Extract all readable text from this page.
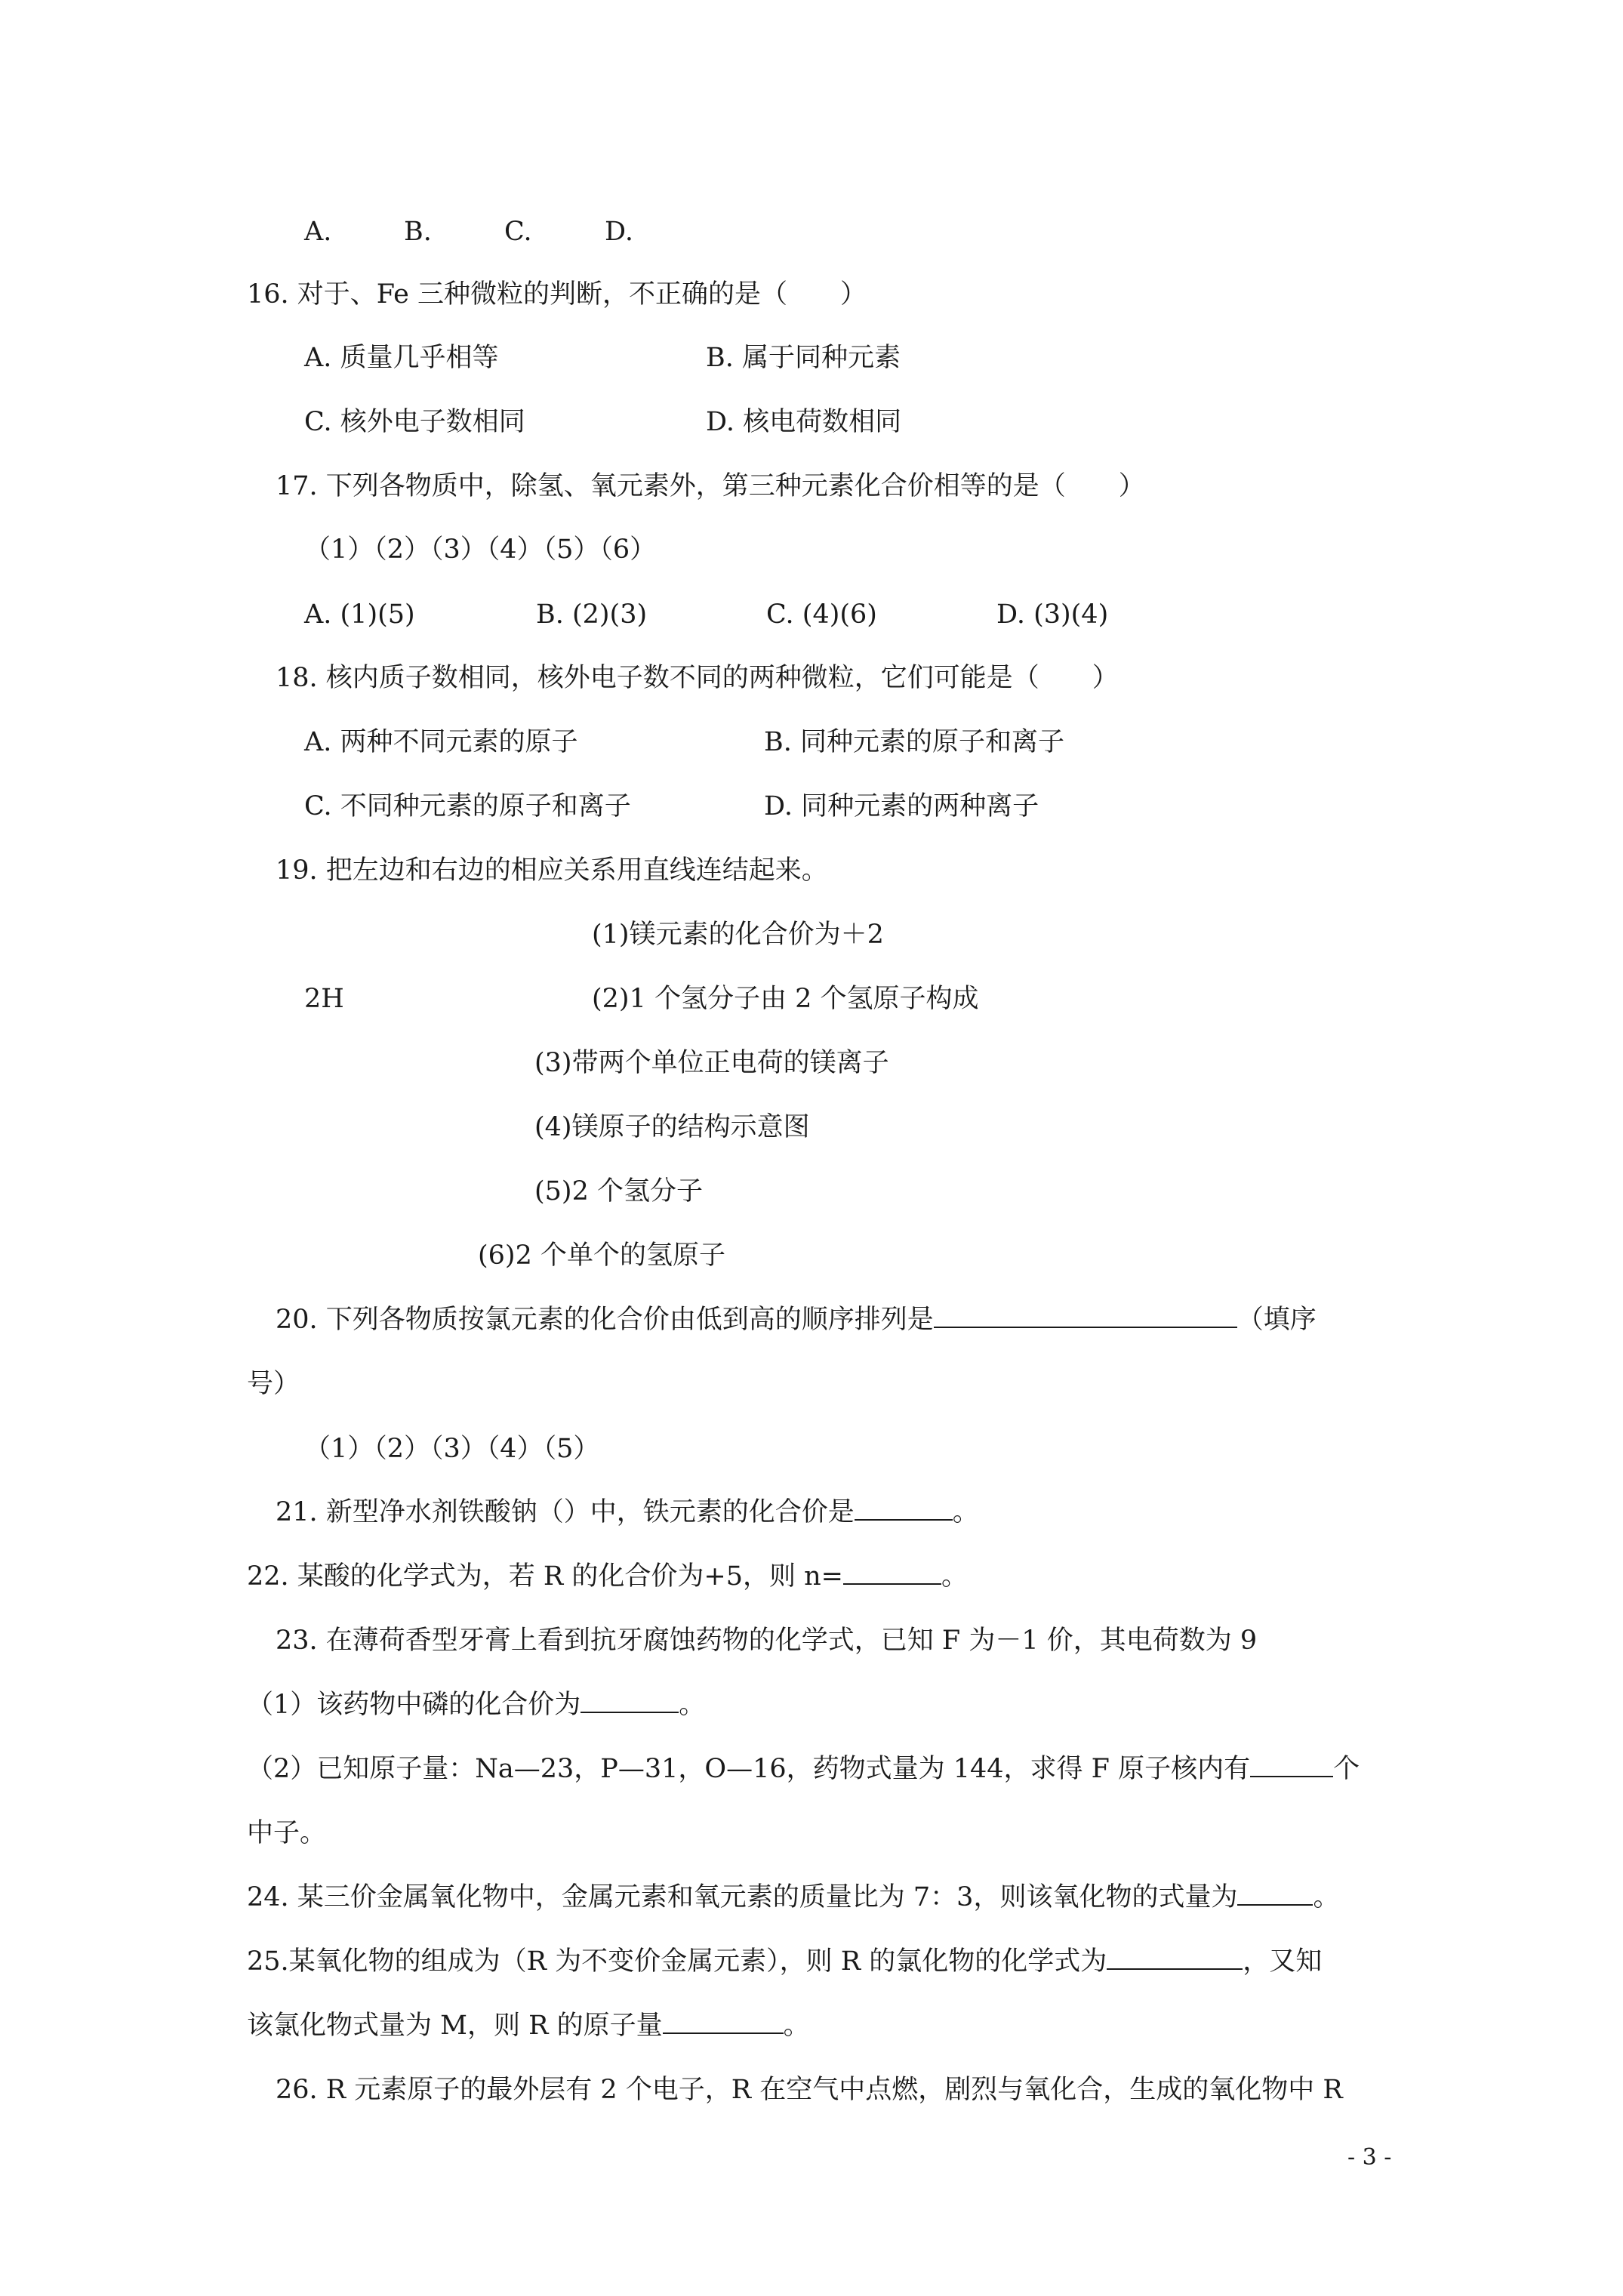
A.	B.	C.	D.
16. 对于、Fe 三种微粒的判断，不正确的是（　　）
A. 质量几乎相等	B. 属于同种元素
C. 核外电子数相同	D. 核电荷数相同
17. 下列各物质中，除氢、氧元素外，第三种元素化合价相等的是（　　）
（1）（2）（3）（4）（5）（6）
A. (1)(5)	B. (2)(3)	C. (4)(6)	D. (3)(4)
18. 核内质子数相同，核外电子数不同的两种微粒，它们可能是（　　）
A. 两种不同元素的原子	B. 同种元素的原子和离子
C. 不同种元素的原子和离子	D. 同种元素的两种离子
19. 把左边和右边的相应关系用直线连结起来。
(1)镁元素的化合价为＋2
2H	(2)1 个氢分子由 2 个氢原子构成
(3)带两个单位正电荷的镁离子
(4)镁原子的结构示意图
(5)2 个氢分子
(6)2 个单个的氢原子
20. 下列各物质按氯元素的化合价由低到高的顺序排列是	（填序
号）
（1）（2）（3）（4）（5）
21. 新型净水剂铁酸钠（）中，铁元素的化合价是	。
22. 某酸的化学式为，若 R 的化合价为+5，则 n=	。
23. 在薄荷香型牙膏上看到抗牙腐蚀药物的化学式，已知 F 为－1 价，其电荷数为 9
（1）该药物中磷的化合价为	。
（2）已知原子量：Na—23，P—31，O—16，药物式量为 144，求得 F 原子核内有	个
中子。
24. 某三价金属氧化物中，金属元素和氧元素的质量比为 7：3，则该氧化物的式量为	。
25.某氧化物的组成为（R 为不变价金属元素），则 R 的氯化物的化学式为	，又知
该氯化物式量为 M，则 R 的原子量	。
26. R 元素原子的最外层有 2 个电子，R 在空气中点燃，剧烈与氧化合，生成的氧化物中 R
- 3 -
